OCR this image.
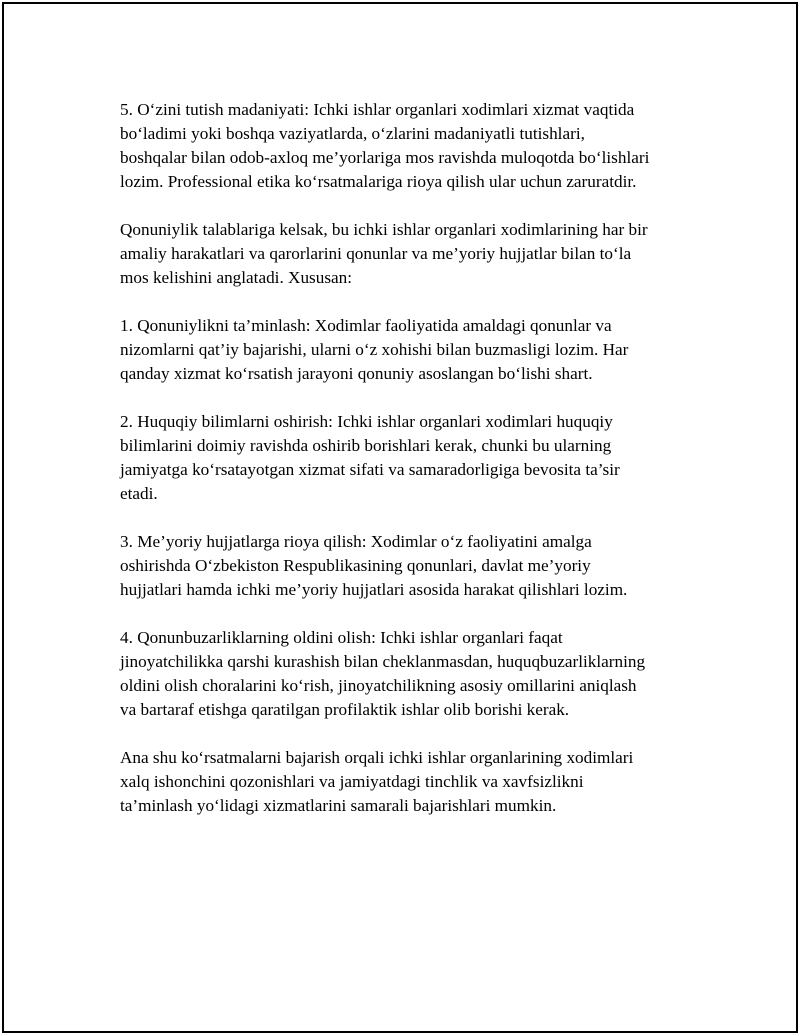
5. O‘zini tutish madaniyati: Ichki ishlar organlari xodimlari xizmat vaqtida
bo‘ladimi yoki boshqa vaziyatlarda, o‘zlarini madaniyatli tutishlari,
boshqalar bilan odob-axloq me’yorlariga mos ravishda muloqotda bo‘lishlari
lozim. Professional etika ko‘rsatmalariga rioya qilish ular uchun zaruratdir.

Qonuniylik talablariga kelsak, bu ichki ishlar organlari xodimlarining har bir
amaliy harakatlari va qarorlarini qonunlar va me’yoriy hujjatlar bilan to‘la
mos kelishini anglatadi. Xususan:

1. Qonuniylikni ta’minlash: Xodimlar faoliyatida amaldagi qonunlar va
nizomlarni qat’iy bajarishi, ularni o‘z xohishi bilan buzmasligi lozim. Har
qanday xizmat ko‘rsatish jarayoni qonuniy asoslangan bo‘lishi shart.

2. Huquqiy bilimlarni oshirish: Ichki ishlar organlari xodimlari huquqiy
bilimlarini doimiy ravishda oshirib borishlari kerak, chunki bu ularning
jamiyatga ko‘rsatayotgan xizmat sifati va samaradorligiga bevosita ta’sir
etadi.

3. Me’yoriy hujjatlarga rioya qilish: Xodimlar o‘z faoliyatini amalga
oshirishda O‘zbekiston Respublikasining qonunlari, davlat me’yoriy
hujjatlari hamda ichki me’yoriy hujjatlari asosida harakat qilishlari lozim.

4. Qonunbuzarliklarning oldini olish: Ichki ishlar organlari faqat
jinoyatchilikka qarshi kurashish bilan cheklanmasdan, huquqbuzarliklarning
oldini olish choralarini ko‘rish, jinoyatchilikning asosiy omillarini aniqlash
va bartaraf etishga qaratilgan profilaktik ishlar olib borishi kerak.

Ana shu ko‘rsatmalarni bajarish orqali ichki ishlar organlarining xodimlari
xalq ishonchini qozonishlari va jamiyatdagi tinchlik va xavfsizlikni
ta’minlash yo‘lidagi xizmatlarini samarali bajarishlari mumkin.
